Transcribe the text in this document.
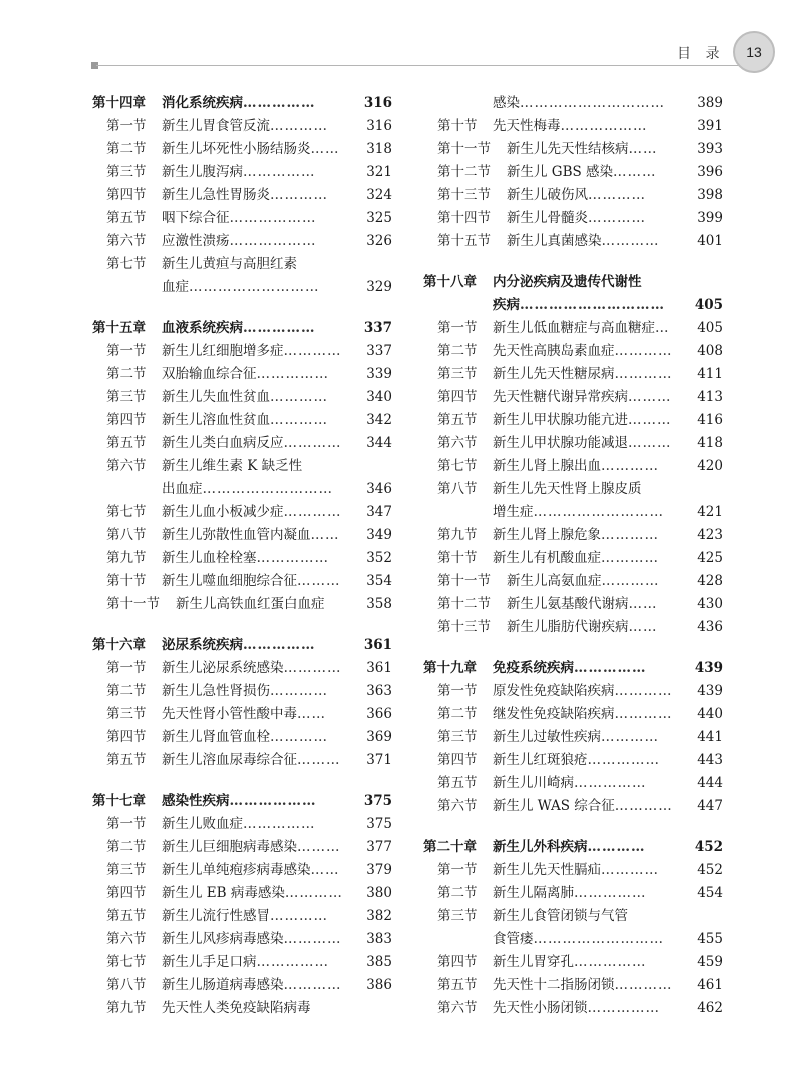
目 录	13
第十四章 消化系统疾病……………	316
第一节 新生儿胃食管反流…………	316
第二节 新生儿坏死性小肠结肠炎…… 318
第三节 新生儿腹泻病……………	321
第四节 新生儿急性胃肠炎…………	324
第五节 咽下综合征………………	325
第六节 应激性溃疡………………	326
第七节 新生儿黄疸与高胆红素
血症………………………	329
第十五章 血液系统疾病……………	337
第一节 新生儿红细胞增多症………… 337
第二节 双胎输血综合征……………	339
第三节 新生儿失血性贫血…………	340
第四节 新生儿溶血性贫血…………	342
第五节 新生儿类白血病反应………… 344
第六节 新生儿维生素 K 缺乏性
出血症……………………… 346
第七节 新生儿血小板减少症………… 347
第八节 新生儿弥散性血管内凝血…… 349
第九节 新生儿血栓栓塞……………	352
第十节 新生儿噬血细胞综合征……… 354
第十一节 新生儿高铁血红蛋白血症	358
第十六章 泌尿系统疾病……………	361
第一节 新生儿泌尿系统感染………… 361
第二节 新生儿急性肾损伤…………	363
第三节 先天性肾小管性酸中毒……	366
第四节 新生儿肾血管血栓…………	369
第五节 新生儿溶血尿毒综合征……… 371
第十七章 感染性疾病………………	375
第一节 新生儿败血症……………	375
第二节 新生儿巨细胞病毒感染……… 377
第三节 新生儿单纯疱疹病毒感染…… 379
第四节 新生儿 EB 病毒感染………… 380
第五节 新生儿流行性感冒…………	382
第六节 新生儿风疹病毒感染………… 383
第七节 新生儿手足口病……………	385
第八节 新生儿肠道病毒感染………… 386
第九节 先天性人类免疫缺陷病毒
感染………………………… 389
第十节 先天性梅毒………………	391
第十一节 新生儿先天性结核病……	393
第十二节 新生儿 GBS 感染………	396
第十三节 新生儿破伤风…………	398
第十四节 新生儿骨髓炎…………	399
第十五节 新生儿真菌感染…………	401
第十八章 内分泌疾病及遗传代谢性
疾病………………………… 405
第一节 新生儿低血糖症与高血糖症… 405
第二节 先天性高胰岛素血症………… 408
第三节 新生儿先天性糖尿病………… 411
第四节 先天性糖代谢异常疾病……… 413
第五节 新生儿甲状腺功能亢进……… 416
第六节 新生儿甲状腺功能减退……… 418
第七节 新生儿肾上腺出血…………	420
第八节 新生儿先天性肾上腺皮质
增生症……………………… 421
第九节 新生儿肾上腺危象…………	423
第十节 新生儿有机酸血症…………	425
第十一节 新生儿高氨血症…………	428
第十二节 新生儿氨基酸代谢病……	430
第十三节 新生儿脂肪代谢疾病……	436
第十九章 免疫系统疾病……………	439
第一节 原发性免疫缺陷疾病………… 439
第二节 继发性免疫缺陷疾病………… 440
第三节 新生儿过敏性疾病…………	441
第四节 新生儿红斑狼疮……………	443
第五节 新生儿川崎病……………	444
第六节 新生儿 WAS 综合征………… 447
第二十章 新生儿外科疾病…………	452
第一节 新生儿先天性膈疝…………	452
第二节 新生儿隔离肺……………	454
第三节 新生儿食管闭锁与气管
食管瘘……………………… 455
第四节 新生儿胃穿孔……………	459
第五节 先天性十二指肠闭锁………… 461
第六节 先天性小肠闭锁……………	462
